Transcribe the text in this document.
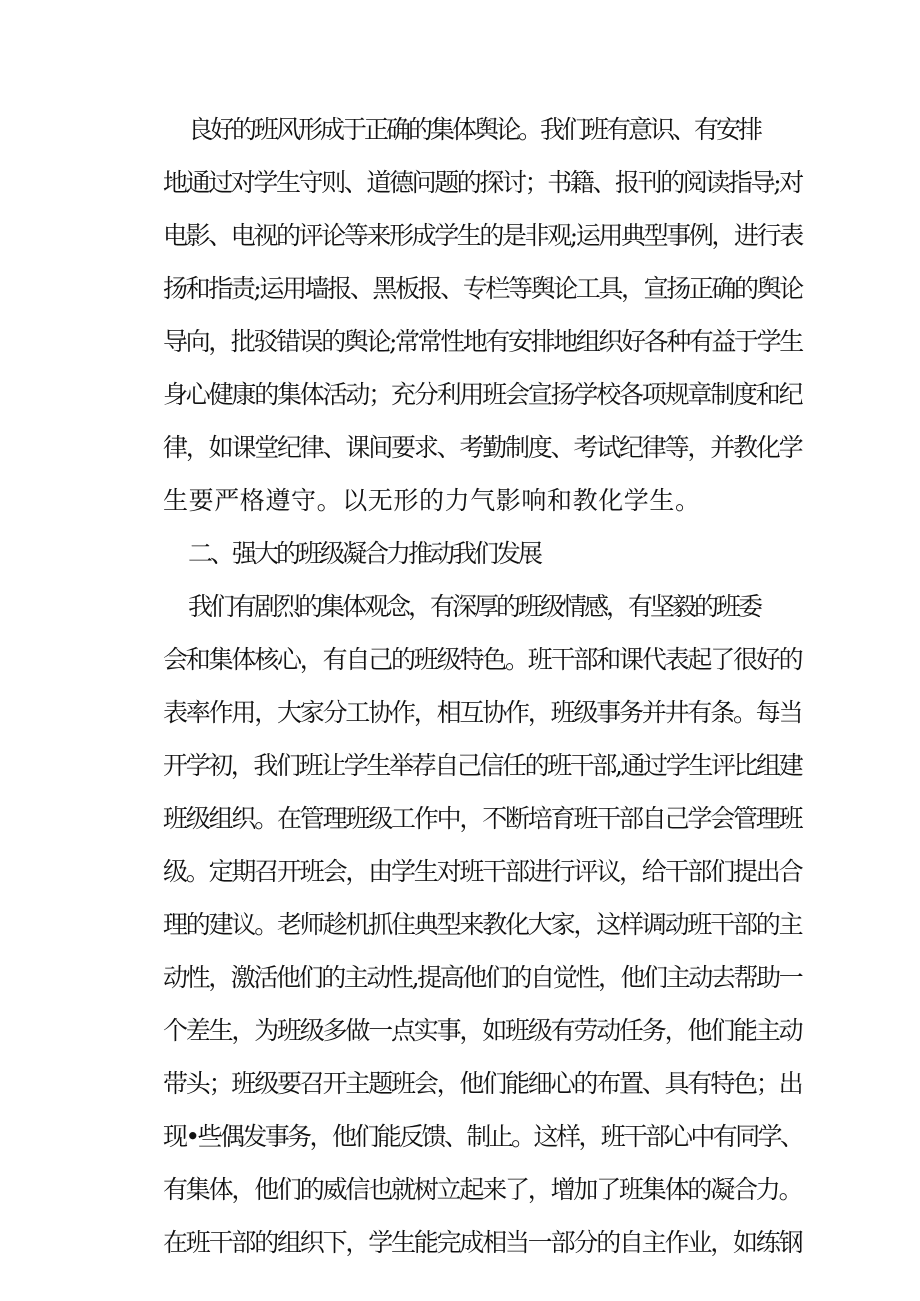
良好的班风形成于正确的集体舆论。我们班有意识、有安排
地通过对学生守则、道德问题的探讨；书籍、报刊的阅读指导;对
电影、电视的评论等来形成学生的是非观;运用典型事例，进行表
扬和指责;运用墙报、黑板报、专栏等舆论工具，宣扬正确的舆论
导向，批驳错误的舆论;常常性地有安排地组织好各种有益于学生
身心健康的集体活动；充分利用班会宣扬学校各项规章制度和纪
律，如课堂纪律、课间要求、考勤制度、考试纪律等，并教化学
生要严格遵守。以无形的力气影响和教化学生。
二、强大的班级凝合力推动我们发展
我们有剧烈的集体观念，有深厚的班级情感，有坚毅的班委
会和集体核心，有自己的班级特色。班干部和课代表起了很好的
表率作用，大家分工协作，相互协作，班级事务并井有条。每当
开学初，我们班让学生举荐自己信任的班干部,通过学生评比组建
班级组织。在管理班级工作中，不断培育班干部自己学会管理班
级。定期召开班会，由学生对班干部进行评议，给干部们提出合
理的建议。老师趁机抓住典型来教化大家，这样调动班干部的主
动性，激活他们的主动性,提高他们的自觉性，他们主动去帮助一
个差生，为班级多做一点实事，如班级有劳动任务，他们能主动
带头；班级要召开主题班会，他们能细心的布置、具有特色；出
现•些偶发事务，他们能反馈、制止。这样，班干部心中有同学、
有集体，他们的威信也就树立起来了，增加了班集体的凝合力。
在班干部的组织下，学生能完成相当一部分的自主作业，如练钢
